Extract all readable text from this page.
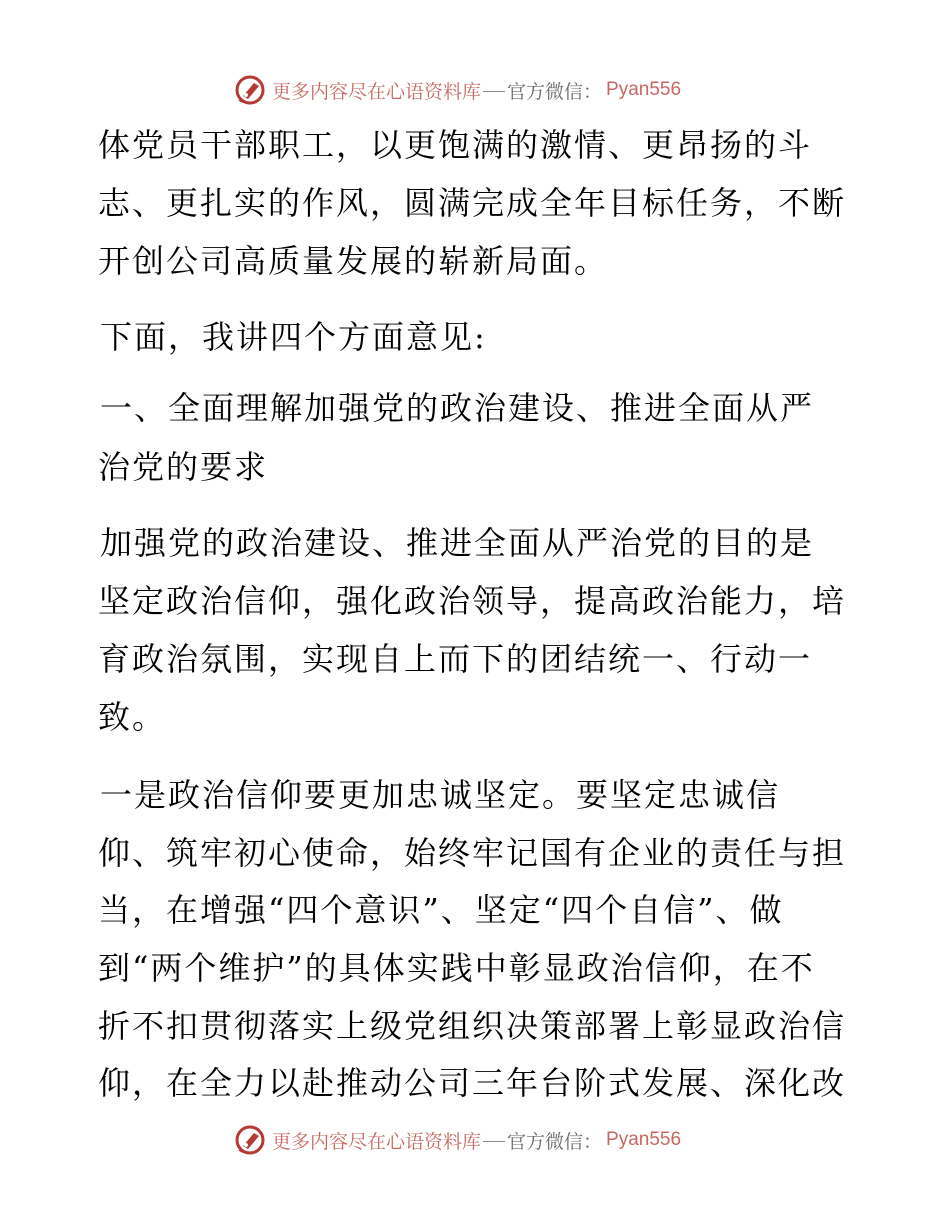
更多内容尽在心语资料库 官方微信： Pyan556
体党员干部职工，以更饱满的激情、更昂扬的斗
志、更扎实的作风，圆满完成全年目标任务，不断
开创公司高质量发展的崭新局面。
下面，我讲四个方面意见:
一、全面理解加强党的政治建设、推进全面从严
治党的要求
加强党的政治建设、推进全面从严治党的目的是
坚定政治信仰，强化政治领导，提高政治能力，培
育政治氛围，实现自上而下的团结统一、行动一
致。
一是政治信仰要更加忠诚坚定。要坚定忠诚信
仰、筑牢初心使命，始终牢记国有企业的责任与担
当，在增强“四个意识”、坚定“四个自信”、做
到“两个维护”的具体实践中彰显政治信仰，在不
折不扣贯彻落实上级党组织决策部署上彰显政治信
仰，在全力以赴推动公司三年台阶式发展、深化改
更多内容尽在心语资料库 官方微信： Pyan556
